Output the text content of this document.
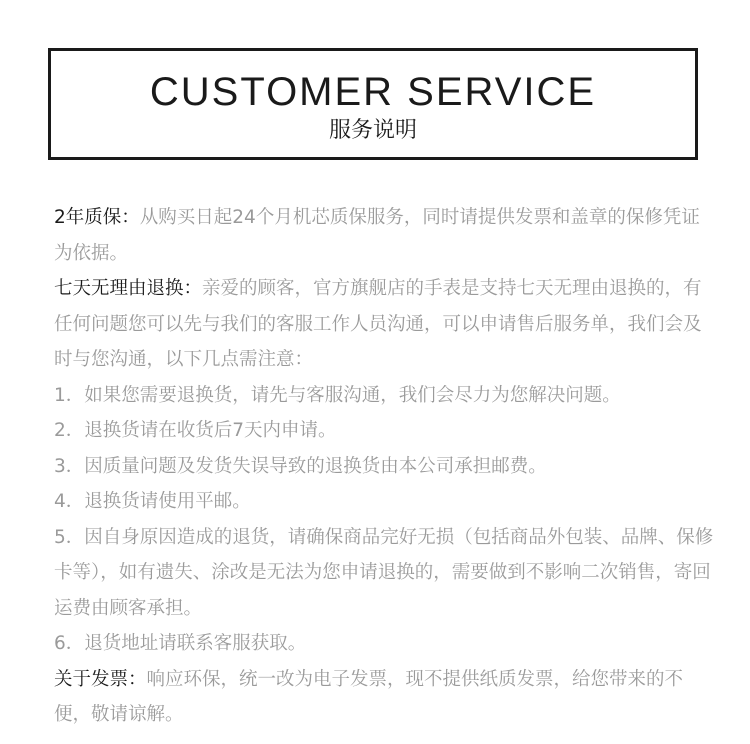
CUSTOMER SERVICE
服务说明

2年质保：从购买日起24个月机芯质保服务，同时请提供发票和盖章的保修凭证为依据。

七天无理由退换：亲爱的顾客，官方旗舰店的手表是支持七天无理由退换的，有任何问题您可以先与我们的客服工作人员沟通，可以申请售后服务单，我们会及时与您沟通，以下几点需注意：

1．如果您需要退换货，请先与客服沟通，我们会尽力为您解决问题。

2．退换货请在收货后7天内申请。

3．因质量问题及发货失误导致的退换货由本公司承担邮费。

4．退换货请使用平邮。

5．因自身原因造成的退货，请确保商品完好无损（包括商品外包装、品牌、保修卡等），如有遗失、涂改是无法为您申请退换的，需要做到不影响二次销售，寄回运费由顾客承担。

6．退货地址请联系客服获取。

关于发票：响应环保，统一改为电子发票，现不提供纸质发票，给您带来的不便，敬请谅解。
